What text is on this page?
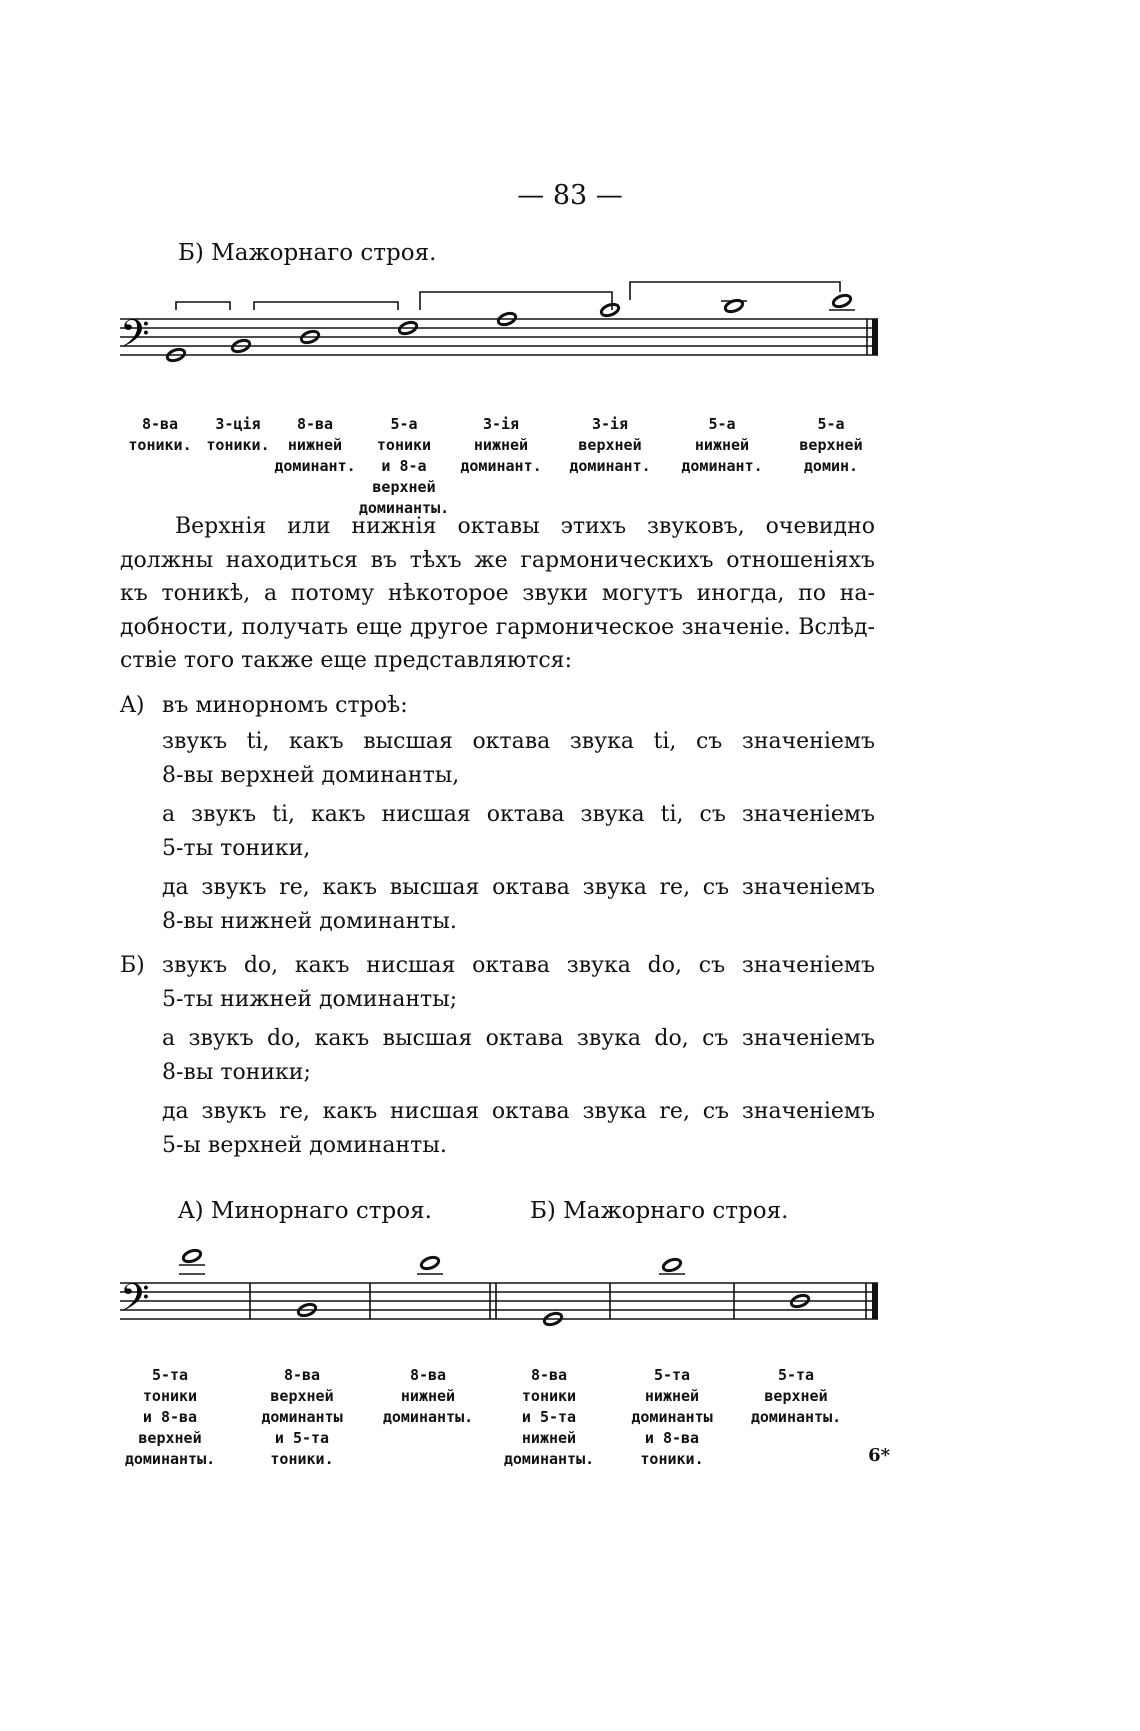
— 83 —
Б) Мажорнаго строя.
𝄢

8-ва
тоники.

3-ція
тоники.

8-ва
нижней
доминант.

5-а
тоники
и 8-а
верхней
доминанты.

3-iя
нижней
доминант.

3-iя
верхней
доминант.

5-а
нижней
доминант.

5-а
верхней
домин.

Верхнія или нижнія октавы этихъ звуковъ, очевидно
должны находиться въ тѣхъ же гармоническихъ отношеніяхъ
къ тоникѣ, а потому нѣкоторое звуки могутъ иногда, по на-
добности, получать еще другое гармоническое значеніе. Вслѣд-
ствіе того также еще представляются:
A) въ минорномъ строѣ:
звукъ ti, какъ высшая октава звука ti, съ значеніемъ
8-вы верхней доминанты,
а звукъ ti, какъ нисшая октава звука ti, съ значеніемъ
5-ты тоники,
да звукъ re, какъ высшая октава звука re, съ значеніемъ
8-вы нижней доминанты.
Б) звукъ do, какъ нисшая октава звука do, съ значеніемъ
5-ты нижней доминанты;
а звукъ do, какъ высшая октава звука do, съ значеніемъ
8-вы тоники;
да звукъ re, какъ нисшая октава звука re, съ значеніемъ
5-ы верхней доминанты.
A) Минорнаго строя.	Б) Мажорнаго строя.
𝄢

5-та
тоники
и 8-ва
верхней
доминанты.

8-ва
верхней
доминанты
и 5-та
тоники.

8-ва
нижней
доминанты.

8-ва
тоники
и 5-та
нижней
доминанты.

5-та
нижней
доминанты
и 8-ва
тоники.

5-та
верхней
доминанты.

6*
